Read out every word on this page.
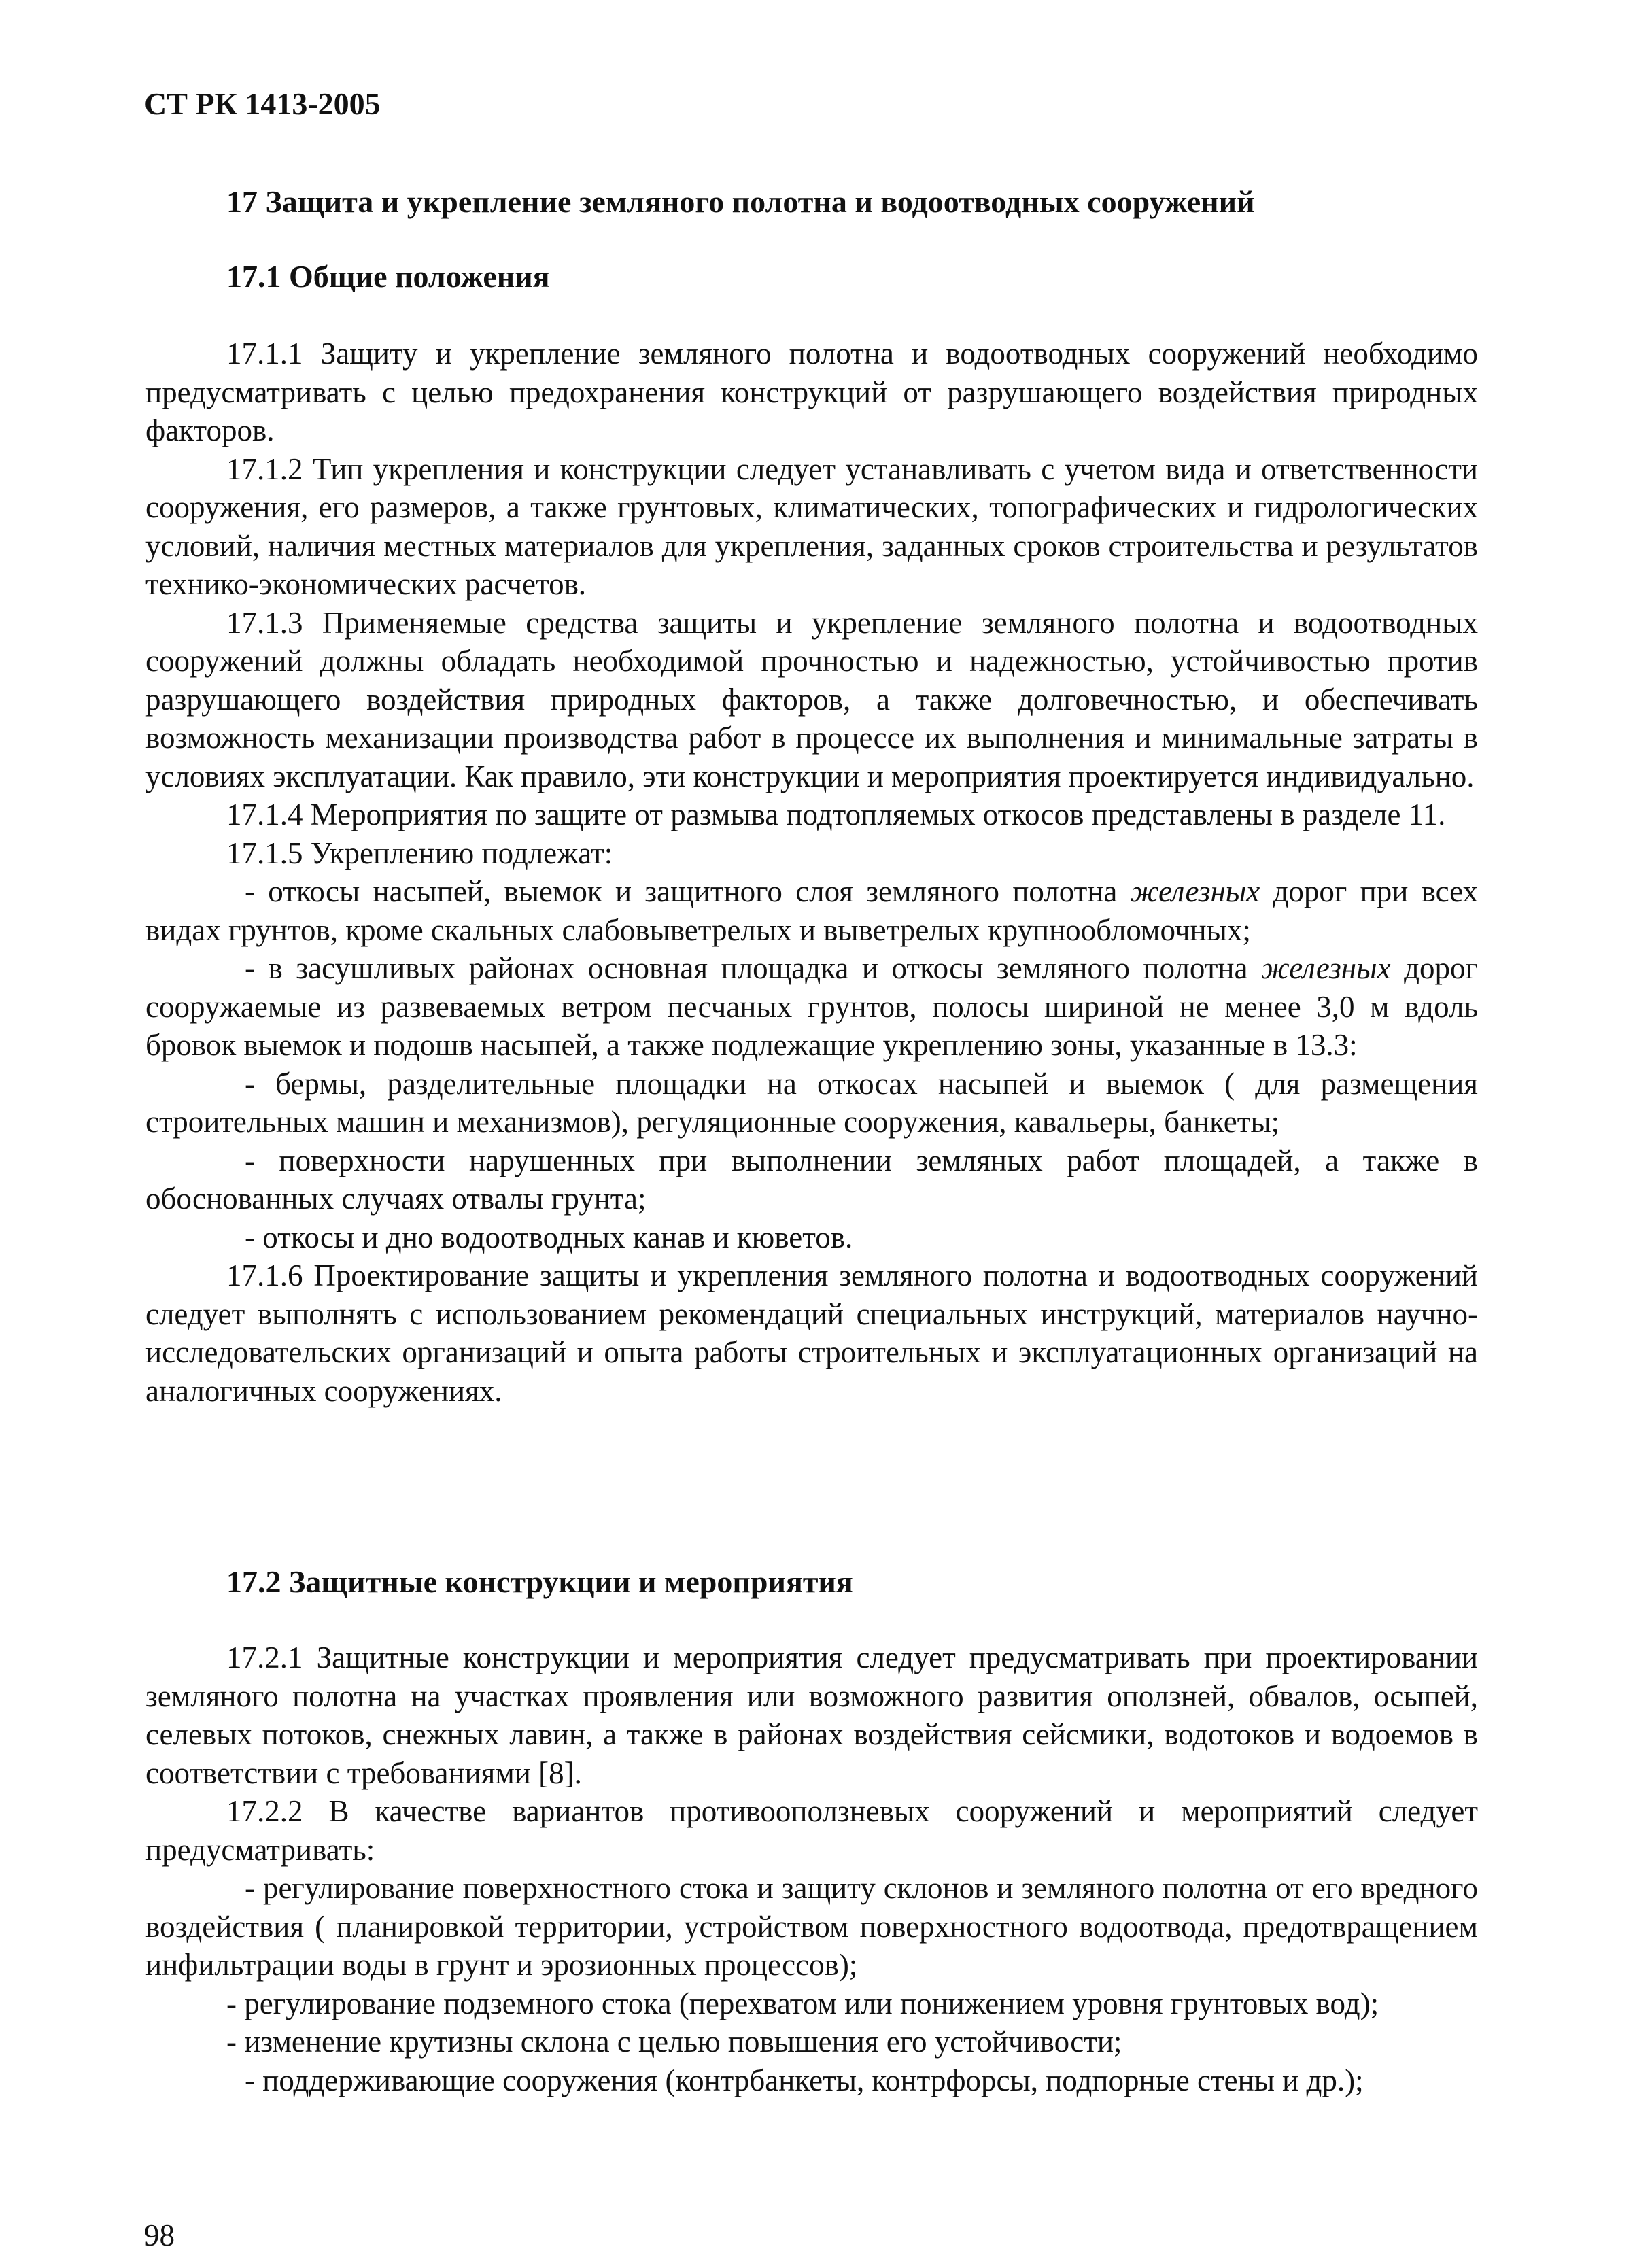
СТ РК 1413-2005
17 Защита и укрепление земляного полотна и водоотводных сооружений
17.1 Общие положения

17.1.1 Защиту и укрепление земляного полотна и водоотводных сооружений необходимо предусматривать с целью предохранения конструкций от разрушающего воздействия природных факторов.

17.1.2 Тип укрепления и конструкции следует устанавливать с учетом вида и ответственности сооружения, его размеров, а также грунтовых, климатических, топографических и гидрологических условий, наличия местных материалов для укрепления, заданных сроков строительства и результатов технико-экономических расчетов.

17.1.3 Применяемые средства защиты и укрепление земляного полотна и водоотводных сооружений должны обладать необходимой прочностью и надежностью, устойчивостью против разрушающего воздействия природных факторов, а также долговечностью, и обеспечивать возможность механизации производства работ в процессе их выполнения и минимальные затраты в условиях эксплуатации. Как правило, эти конструкции и мероприятия проектируется индивидуально.

17.1.4 Мероприятия по защите от размыва подтопляемых откосов представлены в разделе 11.

17.1.5 Укреплению подлежат:

- откосы насыпей, выемок и защитного слоя земляного полотна железных дорог при всех видах грунтов, кроме скальных слабовыветрелых и выветрелых крупнообломочных;

- в засушливых районах основная площадка и откосы земляного полотна железных дорог сооружаемые из развеваемых ветром песчаных грунтов, полосы шириной не менее 3,0 м вдоль бровок выемок и подошв насыпей, а также подлежащие укреплению зоны, указанные в 13.3:

- бермы, разделительные площадки на откосах насыпей и выемок ( для размещения строительных машин и механизмов), регуляционные сооружения, кавальеры, банкеты;

- поверхности нарушенных при выполнении земляных работ площадей, а также в обоснованных случаях отвалы грунта;

- откосы и дно водоотводных канав и кюветов.

17.1.6 Проектирование защиты и укрепления земляного полотна и водоотводных сооружений следует выполнять с использованием рекомендаций специальных инструкций, материалов научно-исследовательских организаций и опыта работы строительных и эксплуатационных организаций на аналогичных сооружениях.

17.2 Защитные конструкции и мероприятия

17.2.1 Защитные конструкции и мероприятия следует предусматривать при проектировании земляного полотна на участках проявления или возможного развития оползней, обвалов, осыпей, селевых потоков, снежных лавин, а также в районах воздействия сейсмики, водотоков и водоемов в соответствии с требованиями [8].

17.2.2 В качестве вариантов противооползневых сооружений и мероприятий следует предусматривать:

- регулирование поверхностного стока и защиту склонов и земляного полотна от его вредного воздействия ( планировкой территории, устройством поверхностного водоотвода, предотвращением инфильтрации воды в грунт и эрозионных процессов);

- регулирование подземного стока (перехватом или понижением уровня грунтовых вод);

- изменение крутизны склона с целью повышения его устойчивости;

- поддерживающие сооружения (контрбанкеты, контрфорсы, подпорные стены и др.);

98
